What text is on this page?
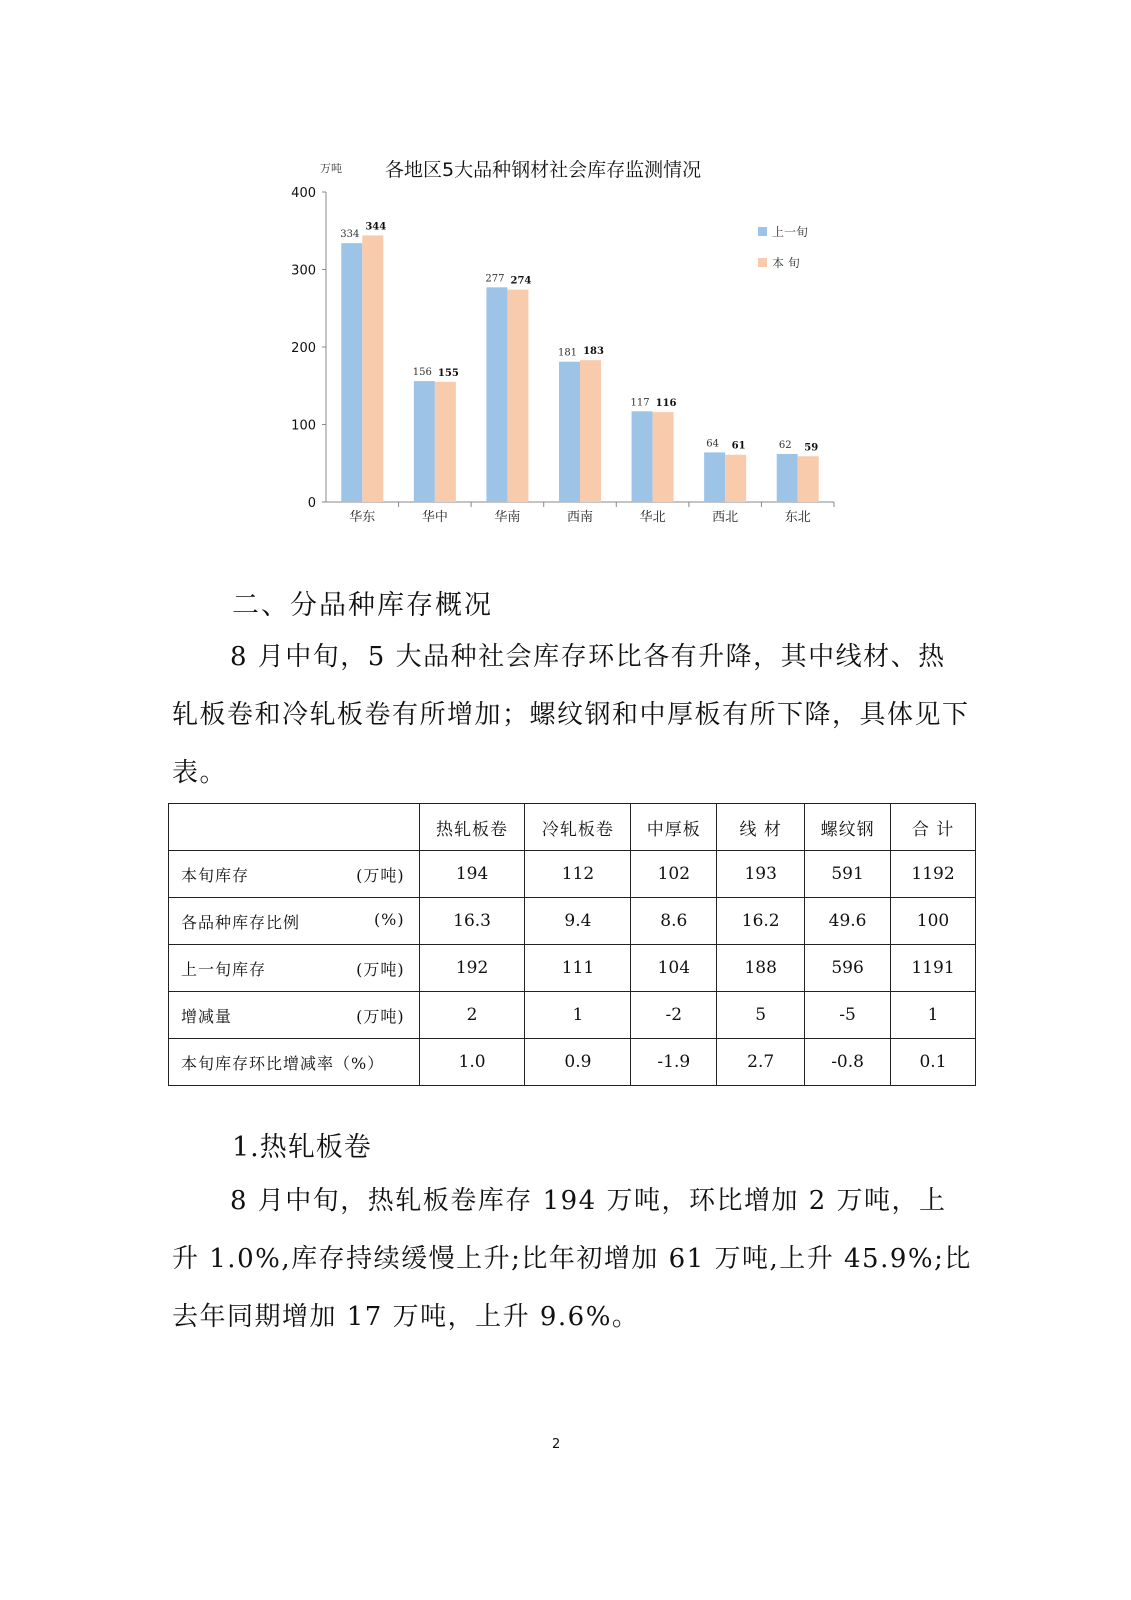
万吨 各地区5大品种钢材社会库存监测情况
0
100
200
300
400
334
344
华东
156 155
华中
277 274
华南
181 183
西南
117 116
华北
64 61
西北
62 59
东北
上一旬
本 旬
二、分品种库存概况
8 月中旬，5 大品种社会库存环比各有升降，其中线材、热轧板卷和冷轧板卷有所增加；螺纹钢和中厚板有所下降，具体见下表。
	热轧板卷	冷轧板卷	中厚板	线 材	螺纹钢	合 计
本旬库存 (万吨)	194	112	102	193	591	1192
各品种库存比例 (%)	16.3	9.4	8.6	16.2	49.6	100
上一旬库存 (万吨)	192	111	104	188	596	1191
增减量 (万吨)	2	1	-2	5	-5	1
本旬库存环比增减率（%）	1.0	0.9	-1.9	2.7	-0.8	0.1
1.热轧板卷
8 月中旬，热轧板卷库存 194 万吨，环比增加 2 万吨，上升 1.0%,库存持续缓慢上升;比年初增加 61 万吨,上升 45.9%;比去年同期增加 17 万吨，上升 9.6%。
2
